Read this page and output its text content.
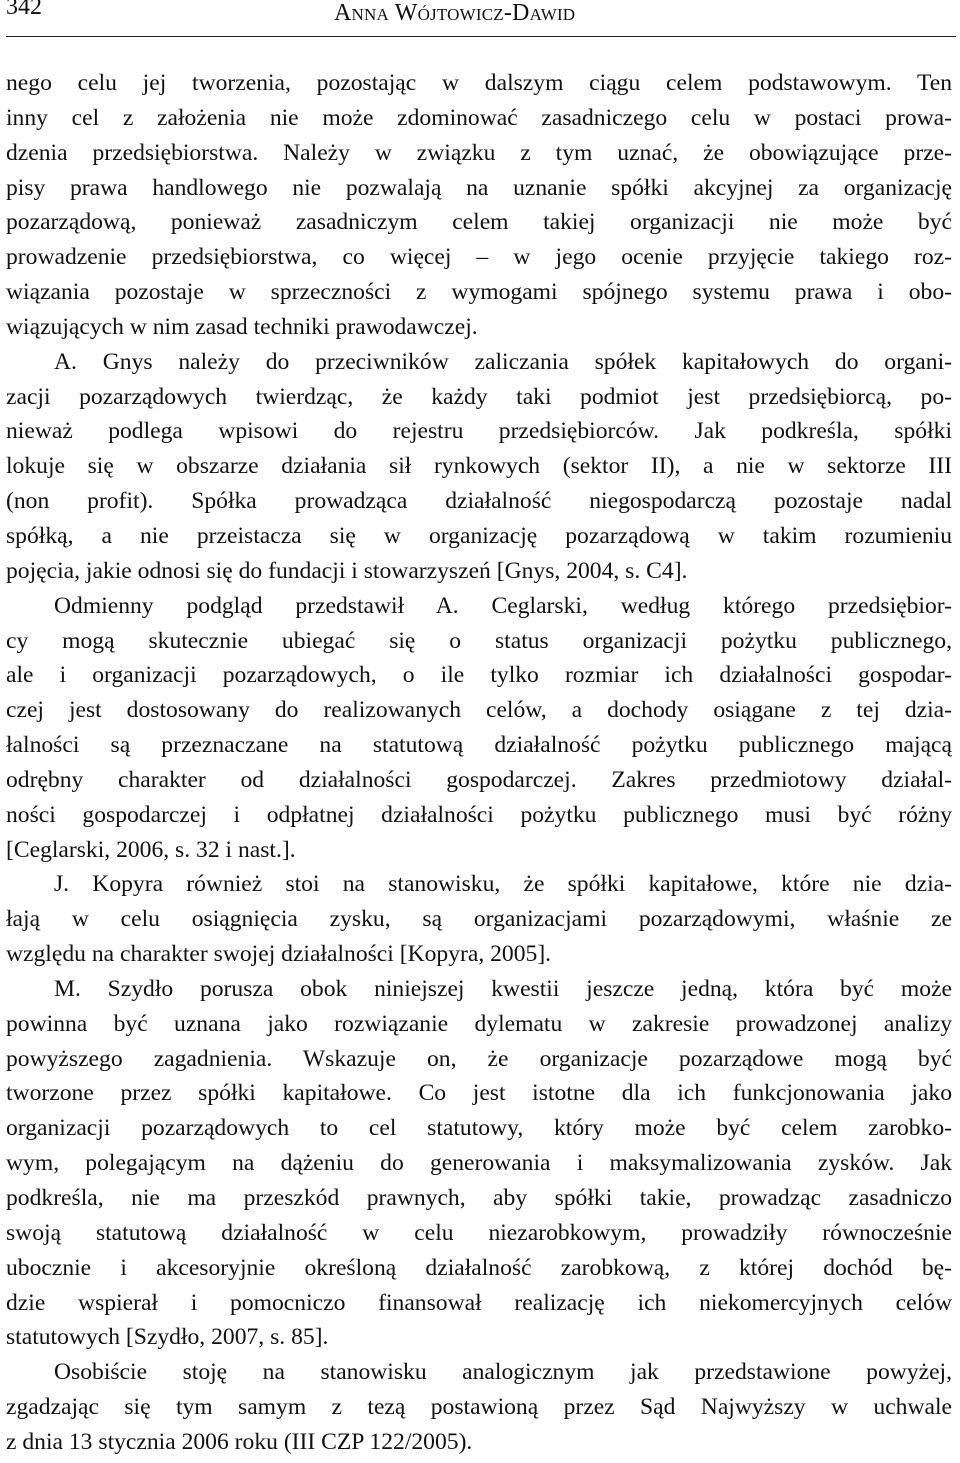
342	Anna Wójtowicz-Dawid
nego celu jej tworzenia, pozostając w dalszym ciągu celem podstawowym. Ten
inny cel z założenia nie może zdominować zasadniczego celu w postaci prowa-
dzenia przedsiębiorstwa. Należy w związku z tym uznać, że obowiązujące prze-
pisy prawa handlowego nie pozwalają na uznanie spółki akcyjnej za organizację
pozarządową, ponieważ zasadniczym celem takiej organizacji nie może być
prowadzenie przedsiębiorstwa, co więcej – w jego ocenie przyjęcie takiego roz-
wiązania pozostaje w sprzeczności z wymogami spójnego systemu prawa i obo-
wiązujących w nim zasad techniki prawodawczej.
A. Gnys należy do przeciwników zaliczania spółek kapitałowych do organi-
zacji pozarządowych twierdząc, że każdy taki podmiot jest przedsiębiorcą, po-
nieważ podlega wpisowi do rejestru przedsiębiorców. Jak podkreśla, spółki
lokuje się w obszarze działania sił rynkowych (sektor II), a nie w sektorze III
(non profit). Spółka prowadząca działalność niegospodarczą pozostaje nadal
spółką, a nie przeistacza się w organizację pozarządową w takim rozumieniu
pojęcia, jakie odnosi się do fundacji i stowarzyszeń [Gnys, 2004, s. C4].
Odmienny podgląd przedstawił A. Ceglarski, według którego przedsiębior-
cy mogą skutecznie ubiegać się o status organizacji pożytku publicznego,
ale i organizacji pozarządowych, o ile tylko rozmiar ich działalności gospodar-
czej jest dostosowany do realizowanych celów, a dochody osiągane z tej dzia-
łalności są przeznaczane na statutową działalność pożytku publicznego mającą
odrębny charakter od działalności gospodarczej. Zakres przedmiotowy działal-
ności gospodarczej i odpłatnej działalności pożytku publicznego musi być różny
[Ceglarski, 2006, s. 32 i nast.].
J. Kopyra również stoi na stanowisku, że spółki kapitałowe, które nie dzia-
łają w celu osiągnięcia zysku, są organizacjami pozarządowymi, właśnie ze
względu na charakter swojej działalności [Kopyra, 2005].
M. Szydło porusza obok niniejszej kwestii jeszcze jedną, która być może
powinna być uznana jako rozwiązanie dylematu w zakresie prowadzonej analizy
powyższego zagadnienia. Wskazuje on, że organizacje pozarządowe mogą być
tworzone przez spółki kapitałowe. Co jest istotne dla ich funkcjonowania jako
organizacji pozarządowych to cel statutowy, który może być celem zarobko-
wym, polegającym na dążeniu do generowania i maksymalizowania zysków. Jak
podkreśla, nie ma przeszkód prawnych, aby spółki takie, prowadząc zasadniczo
swoją statutową działalność w celu niezarobkowym, prowadziły równocześnie
ubocznie i akcesoryjnie określoną działalność zarobkową, z której dochód bę-
dzie wspierał i pomocniczo finansował realizację ich niekomercyjnych celów
statutowych [Szydło, 2007, s. 85].
Osobiście stoję na stanowisku analogicznym jak przedstawione powyżej,
zgadzając się tym samym z tezą postawioną przez Sąd Najwyższy w uchwale
z dnia 13 stycznia 2006 roku (III CZP 122/2005).
